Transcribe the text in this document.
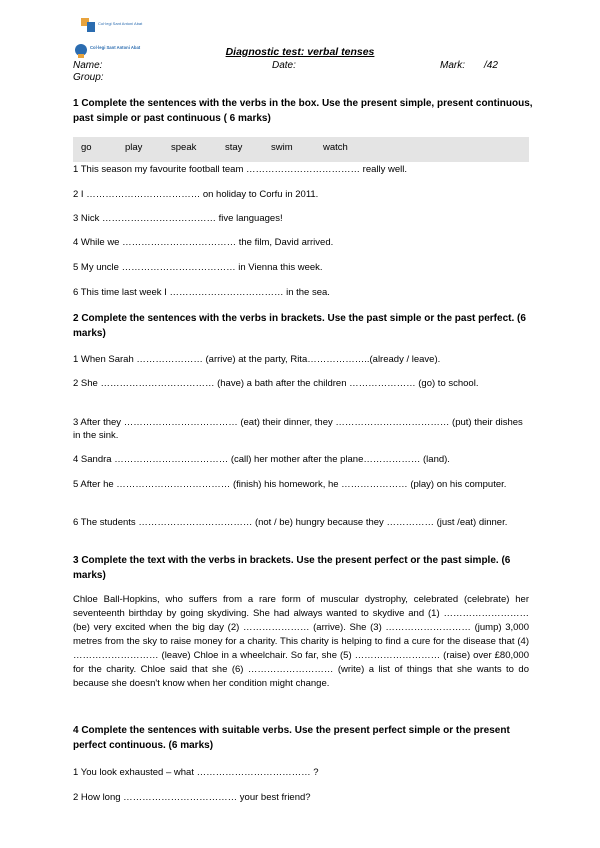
Col·legi Sant Antoni Abat
Col·legi Sant Antoni Abat	Diagnostic test: verbal tenses
Name:	Date:	Mark: /42
Group:
1 Complete the sentences with the verbs in the box. Use the present simple, present continuous, past simple or past continuous ( 6 marks)
go	play	speak	stay	swim	watch
1 This season my favourite football team ……………………………… really well.
2 I ……………………………… on holiday to Corfu in 2011.
3 Nick ……………………………… five languages!
4 While we ……………………………… the film, David arrived.
5 My uncle ……………………………… in Vienna this week.
6 This time last week I ……………………………… in the sea.
2 Complete the sentences with the verbs in brackets. Use the past simple or the past perfect. (6 marks)
1 When Sarah ………………… (arrive) at the party, Rita………………..(already / leave).
2 She ……………………………… (have) a bath after the children ………………… (go) to school.
3 After they ……………………………… (eat) their dinner, they ……………………………… (put) their dishes in the sink.
4 Sandra ……………………………… (call) her mother after the plane……………… (land).
5 After he ……………………………… (finish) his homework, he ………………… (play) on his computer.
6 The students ……………………………… (not / be) hungry because they …………… (just /eat) dinner.
3 Complete the text with the verbs in brackets. Use the present perfect or the past simple. (6 marks)
Chloe Ball-Hopkins, who suffers from a rare form of muscular dystrophy, celebrated (celebrate) her seventeenth birthday by going skydiving. She had always wanted to skydive and (1) ……………………… (be) very excited when the big day (2) ………………… (arrive). She (3) ……………………… (jump) 3,000 metres from the sky to raise money for a charity. This charity is helping to find a cure for the disease that (4) ……………………… (leave) Chloe in a wheelchair. So far, she (5) ……………………… (raise) over £80,000 for the charity. Chloe said that she (6) ……………………… (write) a list of things that she wants to do because she doesn't know when her condition might change.
4 Complete the sentences with suitable verbs. Use the present perfect simple or the present perfect continuous. (6 marks)
1 You look exhausted – what ……………………………… ?
2 How long ……………………………… your best friend?
